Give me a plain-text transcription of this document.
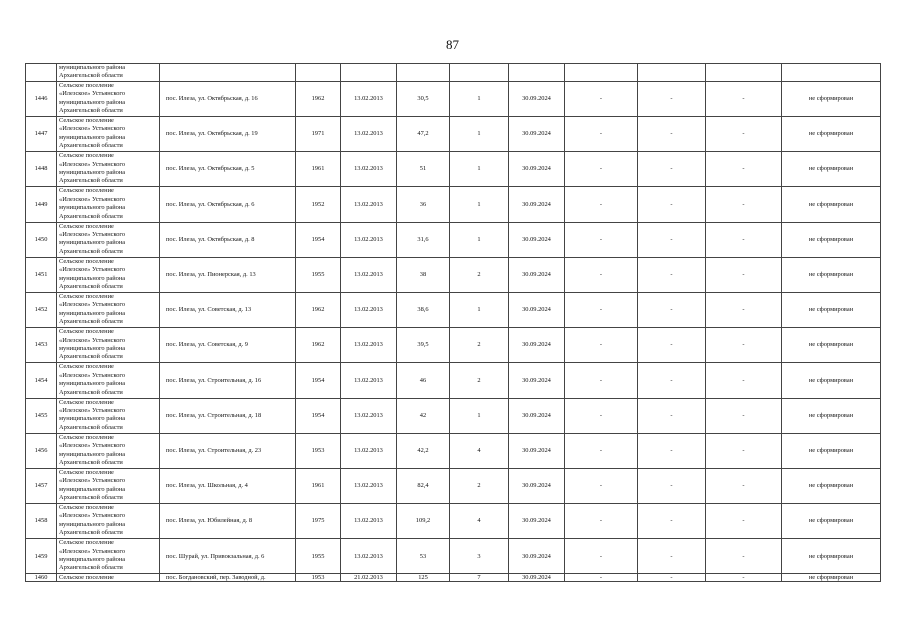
87

	муниципального района
Архангельской области										

1446	Сельское поселение
«Илезское» Устьянского
муниципального района
Архангельской области	пос. Илеза, ул. Октябрьская, д. 16	1962	13.02.2013	30,5	1	30.09.2024	-	-	-	не сформирован
1447	Сельское поселение
«Илезское» Устьянского
муниципального района
Архангельской области	пос. Илеза, ул. Октябрьская, д. 19	1971	13.02.2013	47,2	1	30.09.2024	-	-	-	не сформирован
1448	Сельское поселение
«Илезское» Устьянского
муниципального района
Архангельской области	пос. Илеза, ул. Октябрьская, д. 5	1961	13.02.2013	51	1	30.09.2024	-	-	-	не сформирован
1449	Сельское поселение
«Илезское» Устьянского
муниципального района
Архангельской области	пос. Илеза, ул. Октябрьская, д. 6	1952	13.02.2013	36	1	30.09.2024	-	-	-	не сформирован
1450	Сельское поселение
«Илезское» Устьянского
муниципального района
Архангельской области	пос. Илеза, ул. Октябрьская, д. 8	1954	13.02.2013	31,6	1	30.09.2024	-	-	-	не сформирован
1451	Сельское поселение
«Илезское» Устьянского
муниципального района
Архангельской области	пос. Илеза, ул. Пионерская, д. 13	1955	13.02.2013	38	2	30.09.2024	-	-	-	не сформирован
1452	Сельское поселение
«Илезское» Устьянского
муниципального района
Архангельской области	пос. Илеза, ул. Советская, д. 13	1962	13.02.2013	38,6	1	30.09.2024	-	-	-	не сформирован
1453	Сельское поселение
«Илезское» Устьянского
муниципального района
Архангельской области	пос. Илеза, ул. Советская, д. 9	1962	13.02.2013	39,5	2	30.09.2024	-	-	-	не сформирован
1454	Сельское поселение
«Илезское» Устьянского
муниципального района
Архангельской области	пос. Илеза, ул. Строительная, д. 16	1954	13.02.2013	46	2	30.09.2024	-	-	-	не сформирован
1455	Сельское поселение
«Илезское» Устьянского
муниципального района
Архангельской области	пос. Илеза, ул. Строительная, д. 18	1954	13.02.2013	42	1	30.09.2024	-	-	-	не сформирован
1456	Сельское поселение
«Илезское» Устьянского
муниципального района
Архангельской области	пос. Илеза, ул. Строительная, д. 23	1953	13.02.2013	42,2	4	30.09.2024	-	-	-	не сформирован
1457	Сельское поселение
«Илезское» Устьянского
муниципального района
Архангельской области	пос. Илеза, ул. Школьная, д. 4	1961	13.02.2013	82,4	2	30.09.2024	-	-	-	не сформирован
1458	Сельское поселение
«Илезское» Устьянского
муниципального района
Архангельской области	пос. Илеза, ул. Юбилейная, д. 8	1975	13.02.2013	109,2	4	30.09.2024	-	-	-	не сформирован
1459	Сельское поселение
«Илезское» Устьянского
муниципального района
Архангельской области	пос. Шурай, ул. Привокзальная, д. 6	1955	13.02.2013	53	3	30.09.2024	-	-	-	не сформирован
1460	Сельское поселение	пос. Богдановский, пер. Заводной, д.	1953	21.02.2013	125	7	30.09.2024	-	-	-	не сформирован
